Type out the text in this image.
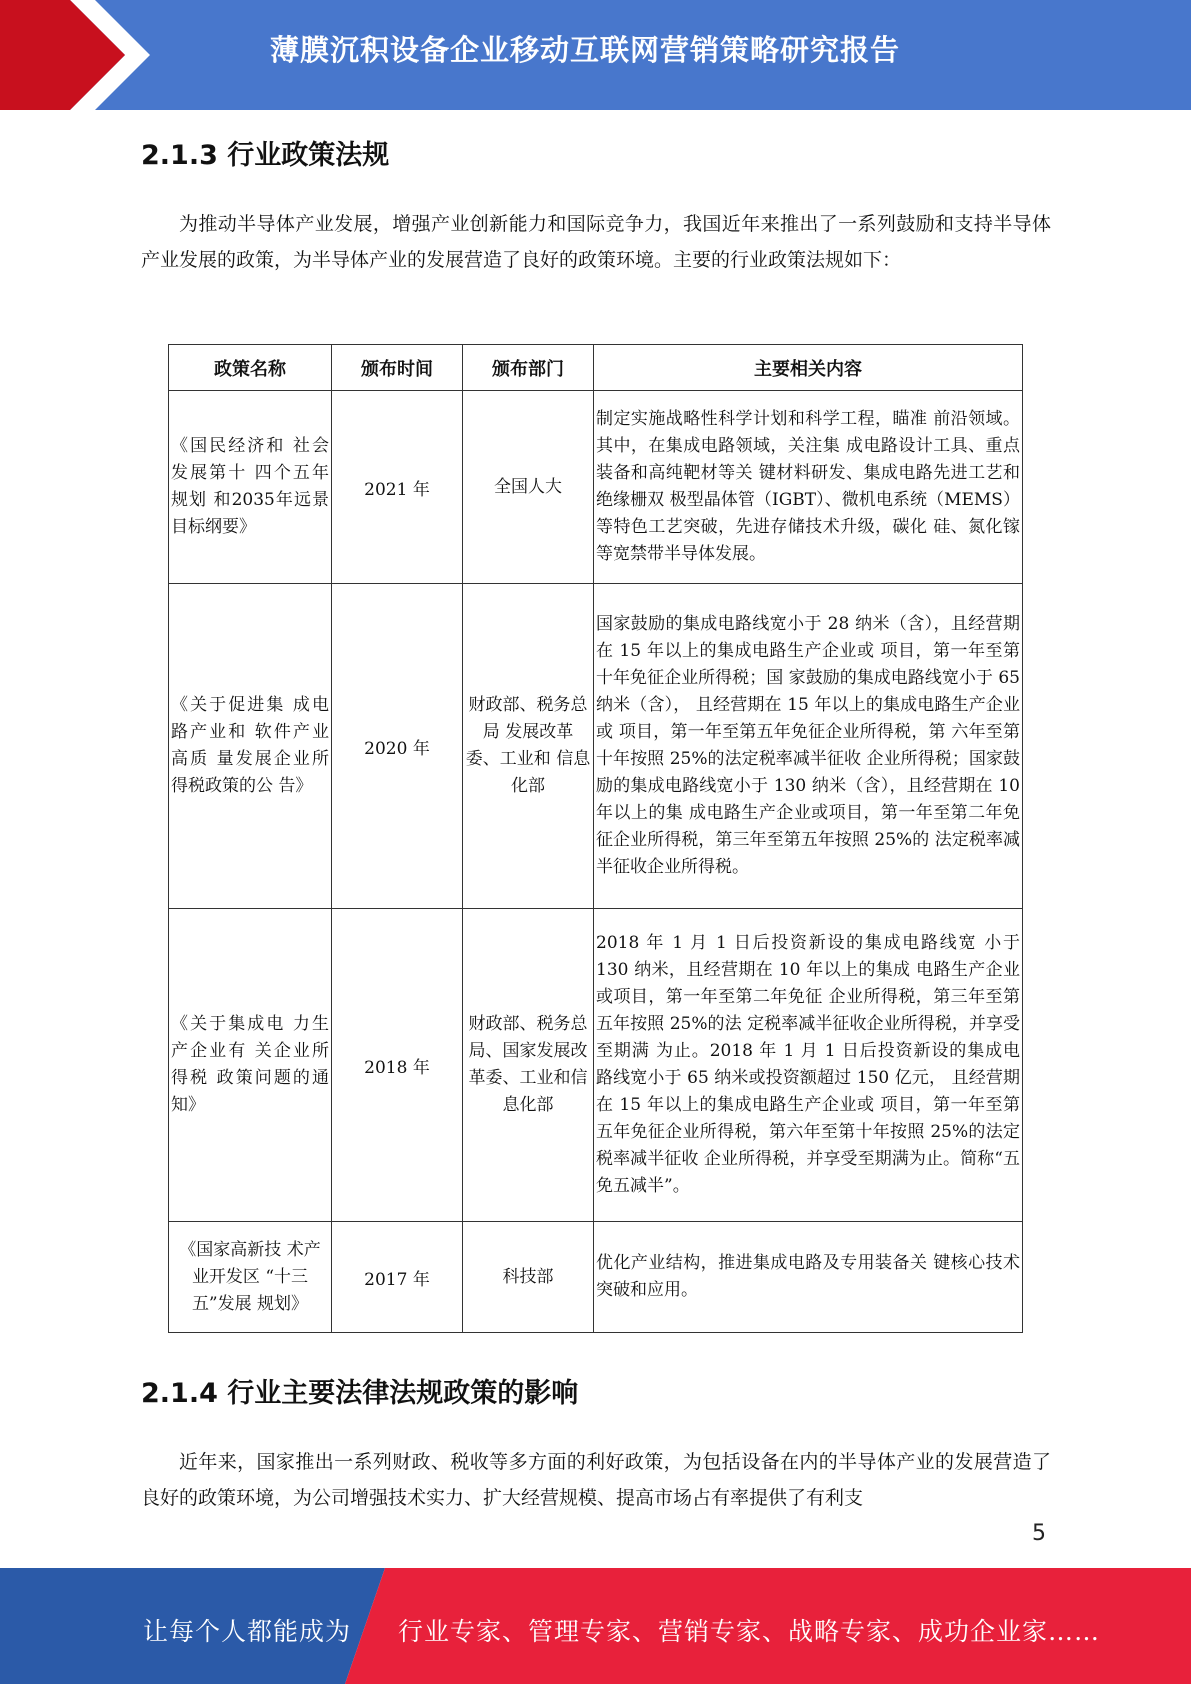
薄膜沉积设备企业移动互联网营销策略研究报告
2.1.3 行业政策法规
为推动半导体产业发展，增强产业创新能力和国际竞争力，我国近年来推出了一系列鼓励和支持半导体产业发展的政策，为半导体产业的发展营造了良好的政策环境。主要的行业政策法规如下：
政策名称	颁布时间	颁布部门	主要相关内容
《国民经济和 社会发展第十 四个五年规划 和2035年远景 目标纲要》	2021 年	全国人大	制定实施战略性科学计划和科学工程，瞄准 前沿领域。其中，在集成电路领域，关注集 成电路设计工具、重点装备和高纯靶材等关 键材料研发、集成电路先进工艺和绝缘栅双 极型晶体管（IGBT）、微机电系统（MEMS） 等特色工艺突破，先进存储技术升级，碳化 硅、氮化镓等宽禁带半导体发展。
《关于促进集 成电路产业和 软件产业高质 量发展企业所 得税政策的公 告》	2020 年	财政部、税务总局 发展改革 委、工业和 信息化部	国家鼓励的集成电路线宽小于 28 纳米（含），且经营期在 15 年以上的集成电路生产企业或 项目，第一年至第十年免征企业所得税；国 家鼓励的集成电路线宽小于 65 纳米（含）， 且经营期在 15 年以上的集成电路生产企业或 项目，第一年至第五年免征企业所得税，第 六年至第十年按照 25%的法定税率减半征收 企业所得税；国家鼓励的集成电路线宽小于 130 纳米（含），且经营期在 10 年以上的集 成电路生产企业或项目，第一年至第二年免 征企业所得税，第三年至第五年按照 25%的 法定税率减半征收企业所得税。
《关于集成电 力生产企业有 关企业所得税 政策问题的通 知》	2018 年	财政部、税务总局、国家发展改革委、工业和信息化部	2018 年 1 月 1 日后投资新设的集成电路线宽 小于 130 纳米，且经营期在 10 年以上的集成 电路生产企业或项目，第一年至第二年免征 企业所得税，第三年至第五年按照 25%的法 定税率减半征收企业所得税，并享受至期满 为止。2018 年 1 月 1 日后投资新设的集成电 路线宽小于 65 纳米或投资额超过 150 亿元， 且经营期在 15 年以上的集成电路生产企业或 项目，第一年至第五年免征企业所得税，第六年至第十年按照 25%的法定税率减半征收 企业所得税，并享受至期满为止。简称“五 免五减半”。
《国家高新技 术产业开发区 “十三五”发展 规划》	2017 年	科技部	优化产业结构，推进集成电路及专用装备关 键核心技术突破和应用。
2.1.4 行业主要法律法规政策的影响
近年来，国家推出一系列财政、税收等多方面的利好政策，为包括设备在内的半导体产业的发展营造了良好的政策环境，为公司增强技术实力、扩大经营规模、提高市场占有率提供了有利支
5
让每个人都能成为 行业专家、管理专家、营销专家、战略专家、成功企业家……
